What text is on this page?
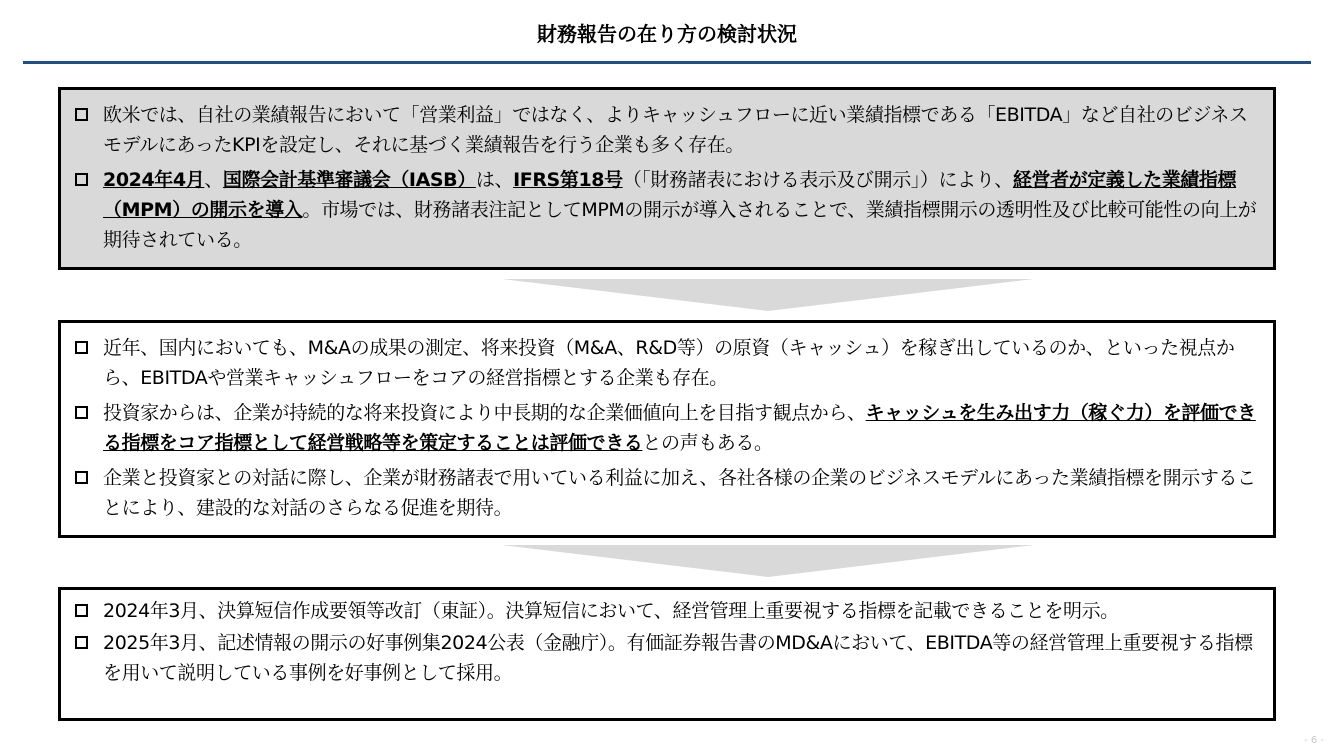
財務報告の在り方の検討状況
欧米では、自社の業績報告において「営業利益」ではなく、よりキャッシュフローに近い業績指標である「EBITDA」など自社のビジネスモデルにあったKPIを設定し、それに基づく業績報告を行う企業も多く存在。
2024年4月、国際会計基準審議会（IASB）は、IFRS第18号（「財務諸表における表示及び開示」）により、経営者が定義した業績指標（MPM）の開示を導入。市場では、財務諸表注記としてMPMの開示が導入されることで、業績指標開示の透明性及び比較可能性の向上が期待されている。
近年、国内においても、M&Aの成果の測定、将来投資（M&A、R&D等）の原資（キャッシュ）を稼ぎ出しているのか、といった視点から、EBITDAや営業キャッシュフローをコアの経営指標とする企業も存在。
投資家からは、企業が持続的な将来投資により中長期的な企業価値向上を目指す観点から、キャッシュを生み出す力（稼ぐ力）を評価できる指標をコア指標として経営戦略等を策定することは評価できるとの声もある。
企業と投資家との対話に際し、企業が財務諸表で用いている利益に加え、各社各様の企業のビジネスモデルにあった業績指標を開示することにより、建設的な対話のさらなる促進を期待。
2024年3月、決算短信作成要領等改訂（東証）。決算短信において、経営管理上重要視する指標を記載できることを明示。
2025年3月、記述情報の開示の好事例集2024公表（金融庁）。有価証券報告書のMD&Aにおいて、EBITDA等の経営管理上重要視する指標を用いて説明している事例を好事例として採用。
- 6 -
